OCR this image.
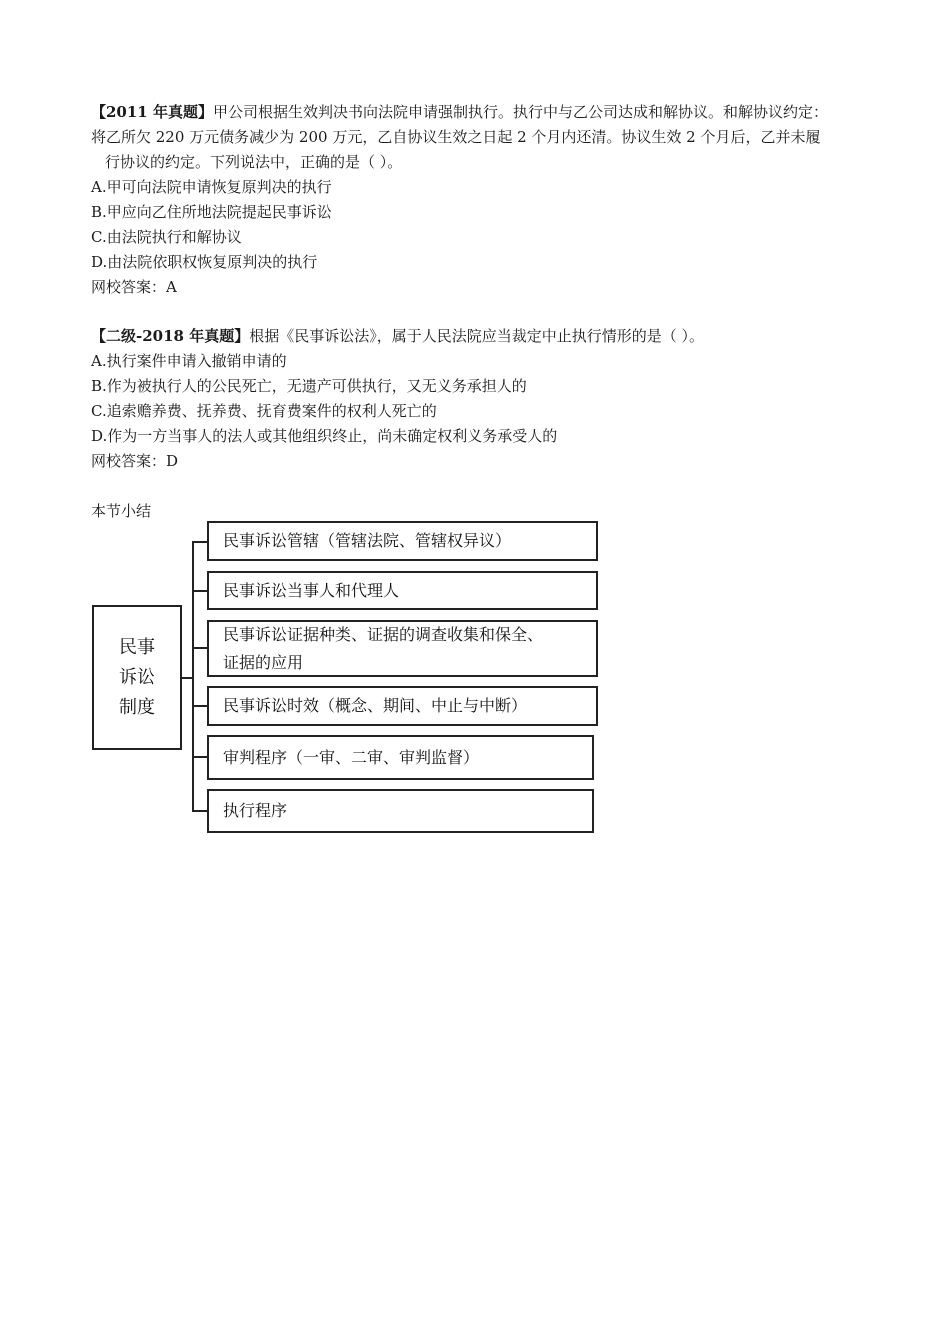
【2011 年真题】甲公司根据生效判决书向法院申请强制执行。执行中与乙公司达成和解协议。和解协议约定：
将乙所欠 220 万元债务减少为 200 万元，乙自协议生效之日起 2 个月内还清。协议生效 2 个月后，乙并未履
行协议的约定。下列说法中，正确的是（ ）。
A.甲可向法院申请恢复原判决的执行
B.甲应向乙住所地法院提起民事诉讼
C.由法院执行和解协议
D.由法院依职权恢复原判决的执行
网校答案：A
【二级-2018 年真题】根据《民事诉讼法》，属于人民法院应当裁定中止执行情形的是（ ）。
A.执行案件申请入撤销申请的
B.作为被执行人的公民死亡，无遗产可供执行，又无义务承担人的
C.追索赡养费、抚养费、抚育费案件的权利人死亡的
D.作为一方当事人的法人或其他组织终止，尚未确定权利义务承受人的
网校答案：D
本节小结
民事
诉讼
制度
民事诉讼管辖（管辖法院、管辖权异议）
民事诉讼当事人和代理人
民事诉讼证据种类、证据的调查收集和保全、
证据的应用
民事诉讼时效（概念、期间、中止与中断）
审判程序（一审、二审、审判监督）
执行程序
